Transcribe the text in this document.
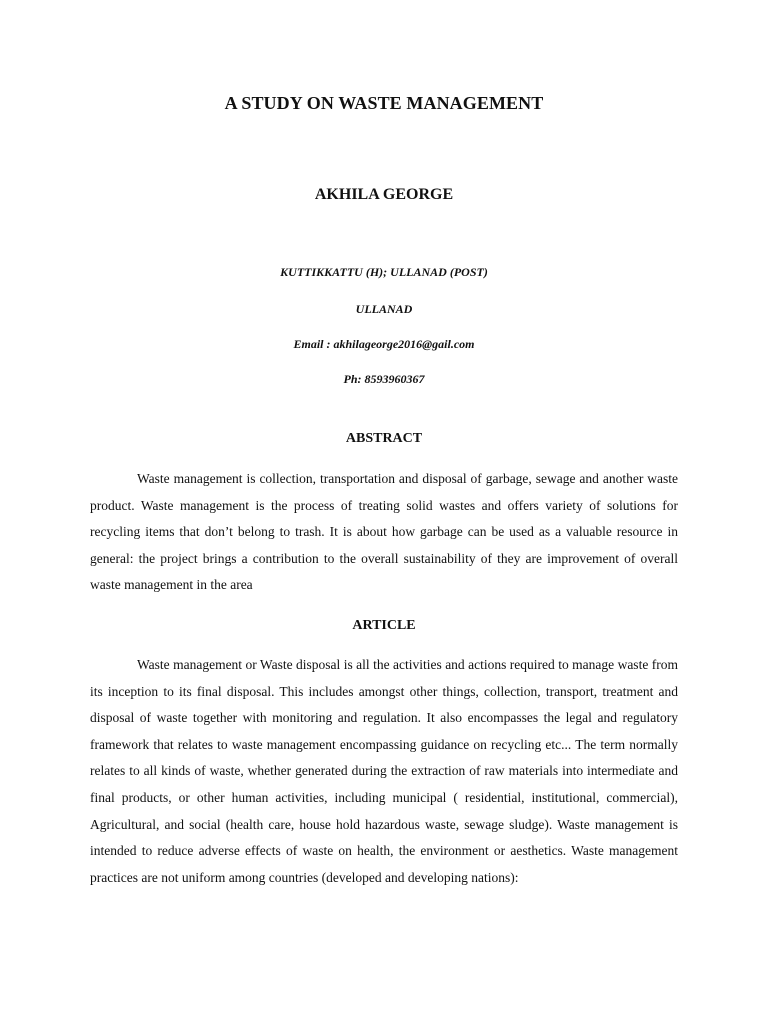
A STUDY ON WASTE MANAGEMENT
AKHILA GEORGE
KUTTIKKATTU (H); ULLANAD (POST)
ULLANAD
Email : akhilageorge2016@gail.com
Ph: 8593960367
ABSTRACT

Waste management is collection, transportation and disposal of garbage, sewage and another waste product. Waste management is the process of treating solid wastes and offers variety of solutions for recycling items that don’t belong to trash. It is about how garbage can be used as a valuable resource in general: the project brings a contribution to the overall sustainability of they are improvement of overall waste management in the area

ARTICLE

Waste management or Waste disposal is all the activities and actions required to manage waste from its inception to its final disposal. This includes amongst other things, collection, transport, treatment and disposal of waste together with monitoring and regulation. It also encompasses the legal and regulatory framework that relates to waste management encompassing guidance on recycling etc... The term normally relates to all kinds of waste, whether generated during the extraction of raw materials into intermediate and final products, or other human activities, including municipal ( residential, institutional, commercial), Agricultural, and social (health care, house hold hazardous waste, sewage sludge). Waste management is intended to reduce adverse effects of waste on health, the environment or aesthetics. Waste management practices are not uniform among countries (developed and developing nations):
